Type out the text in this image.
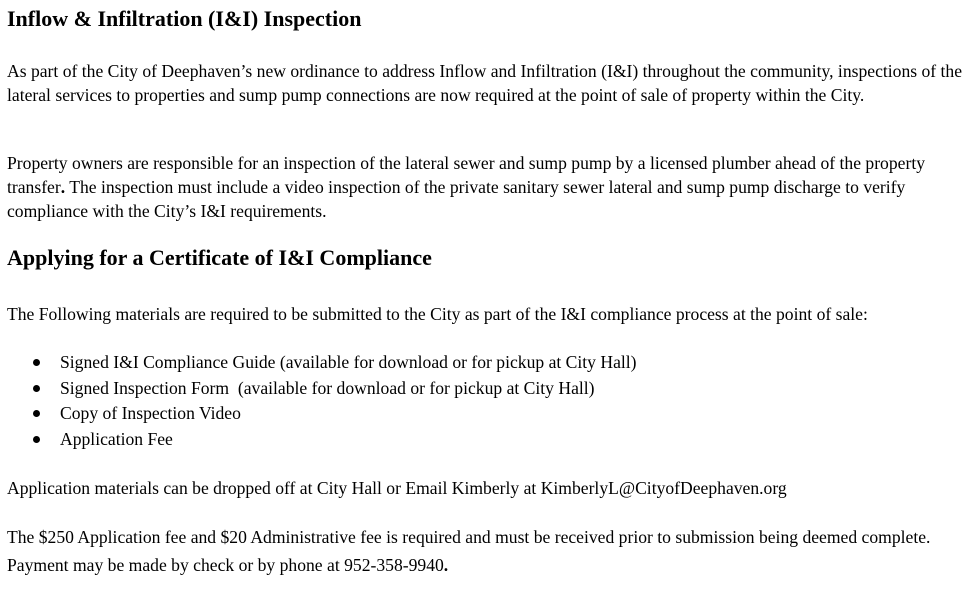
Inflow & Infiltration (I&I) Inspection

As part of the City of Deephaven’s new ordinance to address Inflow and Infiltration (I&I) throughout the community, inspections of the lateral services to properties and sump pump connections are now required at the point of sale of property within the City.

Property owners are responsible for an inspection of the lateral sewer and sump pump by a licensed plumber ahead of the property transfer. The inspection must include a video inspection of the private sanitary sewer lateral and sump pump discharge to verify compliance with the City’s I&I requirements.

Applying for a Certificate of I&I Compliance

The Following materials are required to be submitted to the City as part of the I&I compliance process at the point of sale:

Signed I&I Compliance Guide (available for download or for pickup at City Hall)
Signed Inspection Form  (available for download or for pickup at City Hall)
Copy of Inspection Video
Application Fee

Application materials can be dropped off at City Hall or Email Kimberly at KimberlyL@CityofDeephaven.org

The $250 Application fee and $20 Administrative fee is required and must be received prior to submission being deemed complete. Payment may be made by check or by phone at 952-358-9940.
